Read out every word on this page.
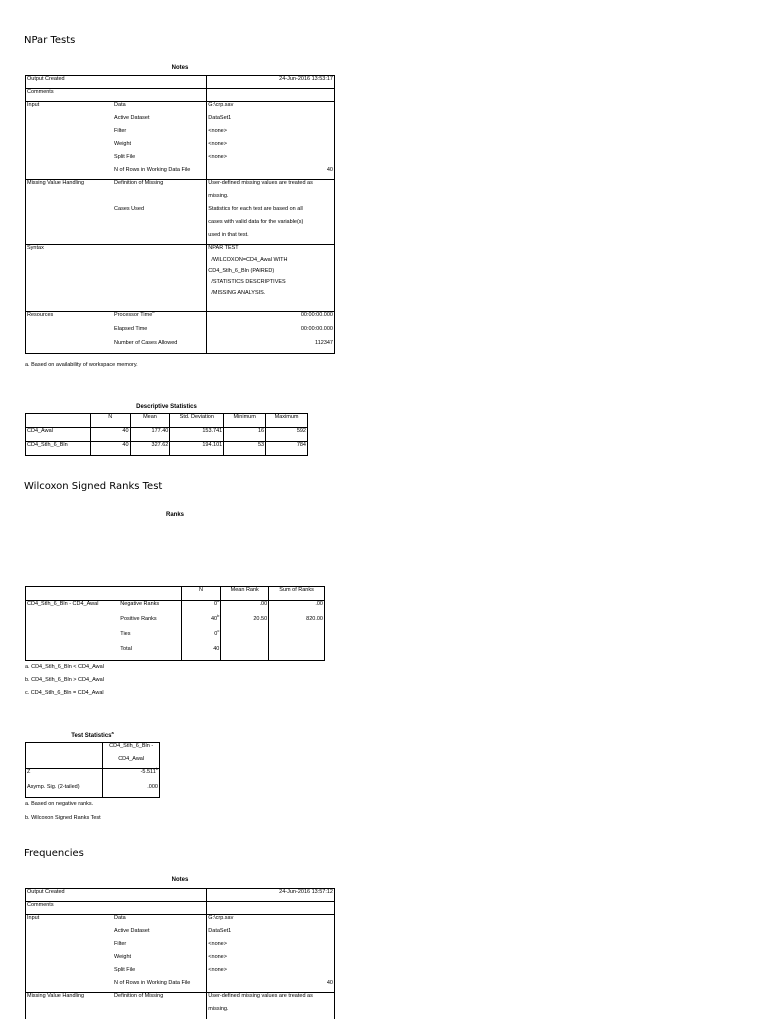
NPar Tests
Notes
Output Created		24-Jun-2016 13:53:17
Comments		
Input	Data	G:\crp.sav
	Active Dataset	DataSet1
	Filter	<none>
	Weight	<none>
	Split File	<none>
	N of Rows in Working Data File	40
Missing Value Handling	Definition of Missing	User-defined missing values are treated as
		missing.
	Cases Used	Statistics for each test are based on all
		cases with valid data for the variable(s)
		used in that test.
Syntax		NPAR TEST
		/WILCOXON=CD4_Awal WITH
		CD4_Stlh_6_Bln (PAIRED)
		/STATISTICS DESCRIPTIVES
		/MISSING ANALYSIS.

Resources	Processor Time$^a$	00:00:00.000
	Elapsed Time	00:00:00.000
	Number of Cases Allowed	112347
a. Based on availability of workspace memory.
Descriptive Statistics
	N	Mean	Std. Deviation	Minimum	Maximum
CD4_Awal	40	177.40	153.741	16	592
CD4_Stlh_6_Bln	40	327.62	194.101	53	784
Wilcoxon Signed Ranks Test
Ranks
		N	Mean Rank	Sum of Ranks
CD4_Stlh_6_Bln - CD4_Awal	Negative Ranks	0$^a$	.00	.00
	Positive Ranks	40$^b$	20.50	820.00
	Ties	0$^c$		
	Total	40		
a. CD4_Stlh_6_Bln < CD4_Awal
b. CD4_Stlh_6_Bln > CD4_Awal
c. CD4_Stlh_6_Bln = CD4_Awal
Test Statistics$^a$
	CD4_Stlh_6_Bln -
	CD4_Awal
Z	-5.511$^b$
Asymp. Sig. (2-tailed)	.000
a. Based on negative ranks.
b. Wilcoxon Signed Ranks Test
Frequencies
Notes
Output Created		24-Jun-2016 13:57:12
Comments		
Input	Data	G:\crp.sav
	Active Dataset	DataSet1
	Filter	<none>
	Weight	<none>
	Split File	<none>
	N of Rows in Working Data File	40
Missing Value Handling	Definition of Missing	User-defined missing values are treated as
		missing.
